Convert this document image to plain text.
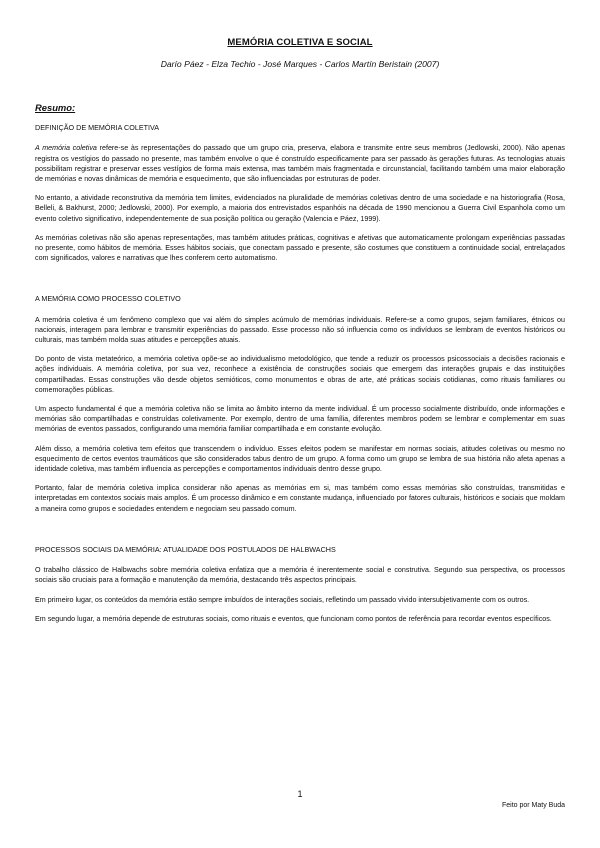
MEMÓRIA COLETIVA E SOCIAL
Darío Páez - Elza Techio - José Marques - Carlos Martín Beristain (2007)
Resumo:
DEFINIÇÃO DE MEMÓRIA COLETIVA

A memória coletiva refere-se às representações do passado que um grupo cria, preserva, elabora e transmite entre seus membros (Jedlowski, 2000). Não apenas registra os vestígios do passado no presente, mas também envolve o que é construído especificamente para ser passado às gerações futuras. As tecnologias atuais possibilitam registrar e preservar esses vestígios de forma mais extensa, mas também mais fragmentada e circunstancial, facilitando também uma maior elaboração de memórias e novas dinâmicas de memória e esquecimento, que são influenciadas por estruturas de poder.

No entanto, a atividade reconstrutiva da memória tem limites, evidenciados na pluralidade de memórias coletivas dentro de uma sociedade e na historiografia (Rosa, Belleli, & Bakhurst, 2000; Jedlowski, 2000). Por exemplo, a maioria dos entrevistados espanhóis na década de 1990 mencionou a Guerra Civil Espanhola como um evento coletivo significativo, independentemente de sua posição política ou geração (Valencia e Páez, 1999).

As memórias coletivas não são apenas representações, mas também atitudes práticas, cognitivas e afetivas que automaticamente prolongam experiências passadas no presente, como hábitos de memória. Esses hábitos sociais, que conectam passado e presente, são costumes que constituem a continuidade social, entrelaçados com significados, valores e narrativas que lhes conferem certo automatismo.

A MEMÓRIA COMO PROCESSO COLETIVO

A memória coletiva é um fenômeno complexo que vai além do simples acúmulo de memórias individuais. Refere-se a como grupos, sejam familiares, étnicos ou nacionais, interagem para lembrar e transmitir experiências do passado. Esse processo não só influencia como os indivíduos se lembram de eventos históricos ou culturais, mas também molda suas atitudes e percepções atuais.

Do ponto de vista metateórico, a memória coletiva opõe-se ao individualismo metodológico, que tende a reduzir os processos psicossociais a decisões racionais e ações individuais. A memória coletiva, por sua vez, reconhece a existência de construções sociais que emergem das interações grupais e das instituições compartilhadas. Essas construções vão desde objetos semióticos, como monumentos e obras de arte, até práticas sociais cotidianas, como rituais familiares ou comemorações públicas.

Um aspecto fundamental é que a memória coletiva não se limita ao âmbito interno da mente individual. É um processo socialmente distribuído, onde informações e memórias são compartilhadas e construídas coletivamente. Por exemplo, dentro de uma família, diferentes membros podem se lembrar e complementar em suas memórias de eventos passados, configurando uma memória familiar compartilhada e em constante evolução.

Além disso, a memória coletiva tem efeitos que transcendem o indivíduo. Esses efeitos podem se manifestar em normas sociais, atitudes coletivas ou mesmo no esquecimento de certos eventos traumáticos que são considerados tabus dentro de um grupo. A forma como um grupo se lembra de sua história não afeta apenas a identidade coletiva, mas também influencia as percepções e comportamentos individuais dentro desse grupo.

Portanto, falar de memória coletiva implica considerar não apenas as memórias em si, mas também como essas memórias são construídas, transmitidas e interpretadas em contextos sociais mais amplos. É um processo dinâmico e em constante mudança, influenciado por fatores culturais, históricos e sociais que moldam a maneira como grupos e sociedades entendem e negociam seu passado comum.

PROCESSOS SOCIAIS DA MEMÓRIA: ATUALIDADE DOS POSTULADOS DE HALBWACHS

O trabalho clássico de Halbwachs sobre memória coletiva enfatiza que a memória é inerentemente social e construtiva. Segundo sua perspectiva, os processos sociais são cruciais para a formação e manutenção da memória, destacando três aspectos principais.

Em primeiro lugar, os conteúdos da memória estão sempre imbuídos de interações sociais, refletindo um passado vivido intersubjetivamente com os outros.

Em segundo lugar, a memória depende de estruturas sociais, como rituais e eventos, que funcionam como pontos de referência para recordar eventos específicos.

1
Feito por Maty Buda
